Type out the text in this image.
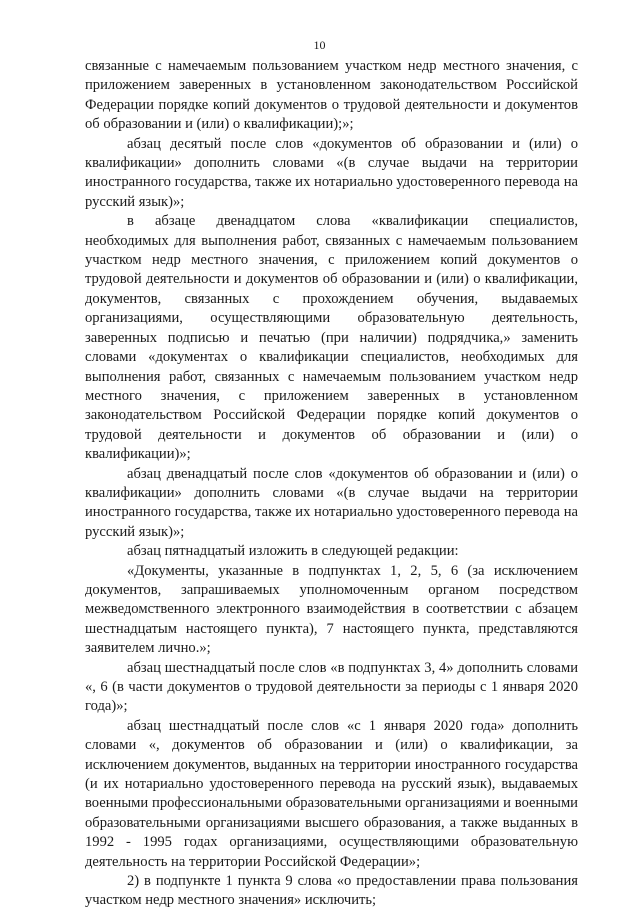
10

связанные с намечаемым пользованием участком недр местного значения, с приложением заверенных в установленном законодательством Российской Федерации порядке копий документов о трудовой деятельности и документов об образовании и (или) о квалификации);»;

абзац десятый после слов «документов об образовании и (или) о квалификации» дополнить словами «(в случае выдачи на территории иностранного государства, также их нотариально удостоверенного перевода на русский язык)»;

в абзаце двенадцатом слова «квалификации специалистов, необходимых для выполнения работ, связанных с намечаемым пользованием участком недр местного значения, с приложением копий документов о трудовой деятельности и документов об образовании и (или) о квалификации, документов, связанных с прохождением обучения, выдаваемых организациями, осуществляющими образовательную деятельность, заверенных подписью и печатью (при наличии) подрядчика,» заменить словами «документах о квалификации специалистов, необходимых для выполнения работ, связанных с намечаемым пользованием участком недр местного значения, с приложением заверенных в установленном законодательством Российской Федерации порядке копий документов о трудовой деятельности и документов об образовании и (или) о квалификации)»;

абзац двенадцатый после слов «документов об образовании и (или) о квалификации» дополнить словами «(в случае выдачи на территории иностранного государства, также их нотариально удостоверенного перевода на русский язык)»;

абзац пятнадцатый изложить в следующей редакции:

«Документы, указанные в подпунктах 1, 2, 5, 6 (за исключением документов, запрашиваемых уполномоченным органом посредством межведомственного электронного взаимодействия в соответствии с абзацем шестнадцатым настоящего пункта), 7 настоящего пункта, представляются заявителем лично.»;

абзац шестнадцатый после слов «в подпунктах 3, 4» дополнить словами «, 6 (в части документов о трудовой деятельности за периоды с 1 января 2020 года)»;

абзац шестнадцатый после слов «с 1 января 2020 года» дополнить словами «, документов об образовании и (или) о квалификации, за исключением документов, выданных на территории иностранного государства (и их нотариально удостоверенного перевода на русский язык), выдаваемых военными профессиональными образовательными организациями и военными образовательными организациями высшего образования, а также выданных в 1992 - 1995 годах организациями, осуществляющими образовательную деятельность на территории Российской Федерации»;

2) в подпункте 1 пункта 9 слова «о предоставлении права пользования участком недр местного значения» исключить;
